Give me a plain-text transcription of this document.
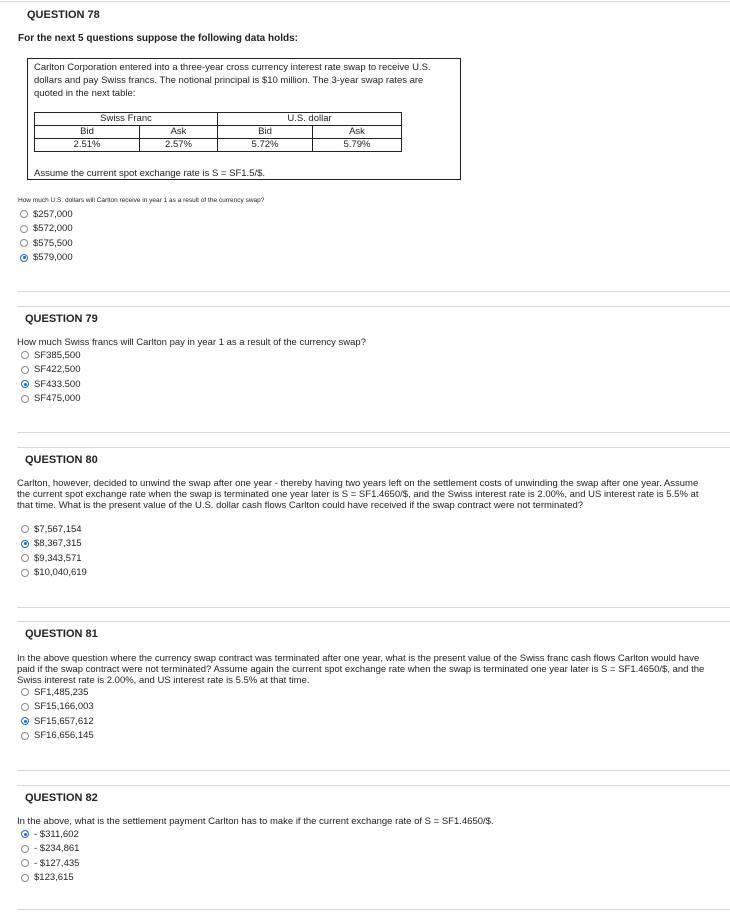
QUESTION 78
For the next 5 questions suppose the following data holds:
Carlton Corporation entered into a three-year cross currency interest rate swap to receive U.S. dollars and pay Swiss francs. The notional principal is $10 million. The 3-year swap rates are quoted in the next table:
Swiss Franc		U.S. dollar	
Bid	Ask	Bid	Ask
2.51%	2.57%	5.72%	5.79%
Assume the current spot exchange rate is S = SF1.5/$.
How much U.S. dollars will Carlton receive in year 1 as a result of the currency swap?
$257,000
$572,000
$575,500
$579,000
QUESTION 79
How much Swiss francs will Carlton pay in year 1 as a result of the currency swap?
SF385,500
SF422,500
SF433.500
SF475,000
QUESTION 80
Carlton, however, decided to unwind the swap after one year - thereby having two years left on the settlement costs of unwinding the swap after one year. Assume the current spot exchange rate when the swap is terminated one year later is S = SF1.4650/$, and the Swiss interest rate is 2.00%, and US interest rate is 5.5% at that time. What is the present value of the U.S. dollar cash flows Carlton could have received if the swap contract were not terminated?
$7,567,154
$8,367,315
$9,343,571
$10,040,619
QUESTION 81
In the above question where the currency swap contract was terminated after one year, what is the present value of the Swiss franc cash flows Carlton would have paid if the swap contract were not terminated? Assume again the current spot exchange rate when the swap is terminated one year later is S = SF1.4650/$, and the Swiss interest rate is 2.00%, and US interest rate is 5.5% at that time.
SF1,485,235
SF15,166,003
SF15,657,612
SF16,656,145
QUESTION 82
In the above, what is the settlement payment Carlton has to make if the current exchange rate of S = SF1.4650/$.
- $311,602
- $234,861
- $127,435
$123,615
